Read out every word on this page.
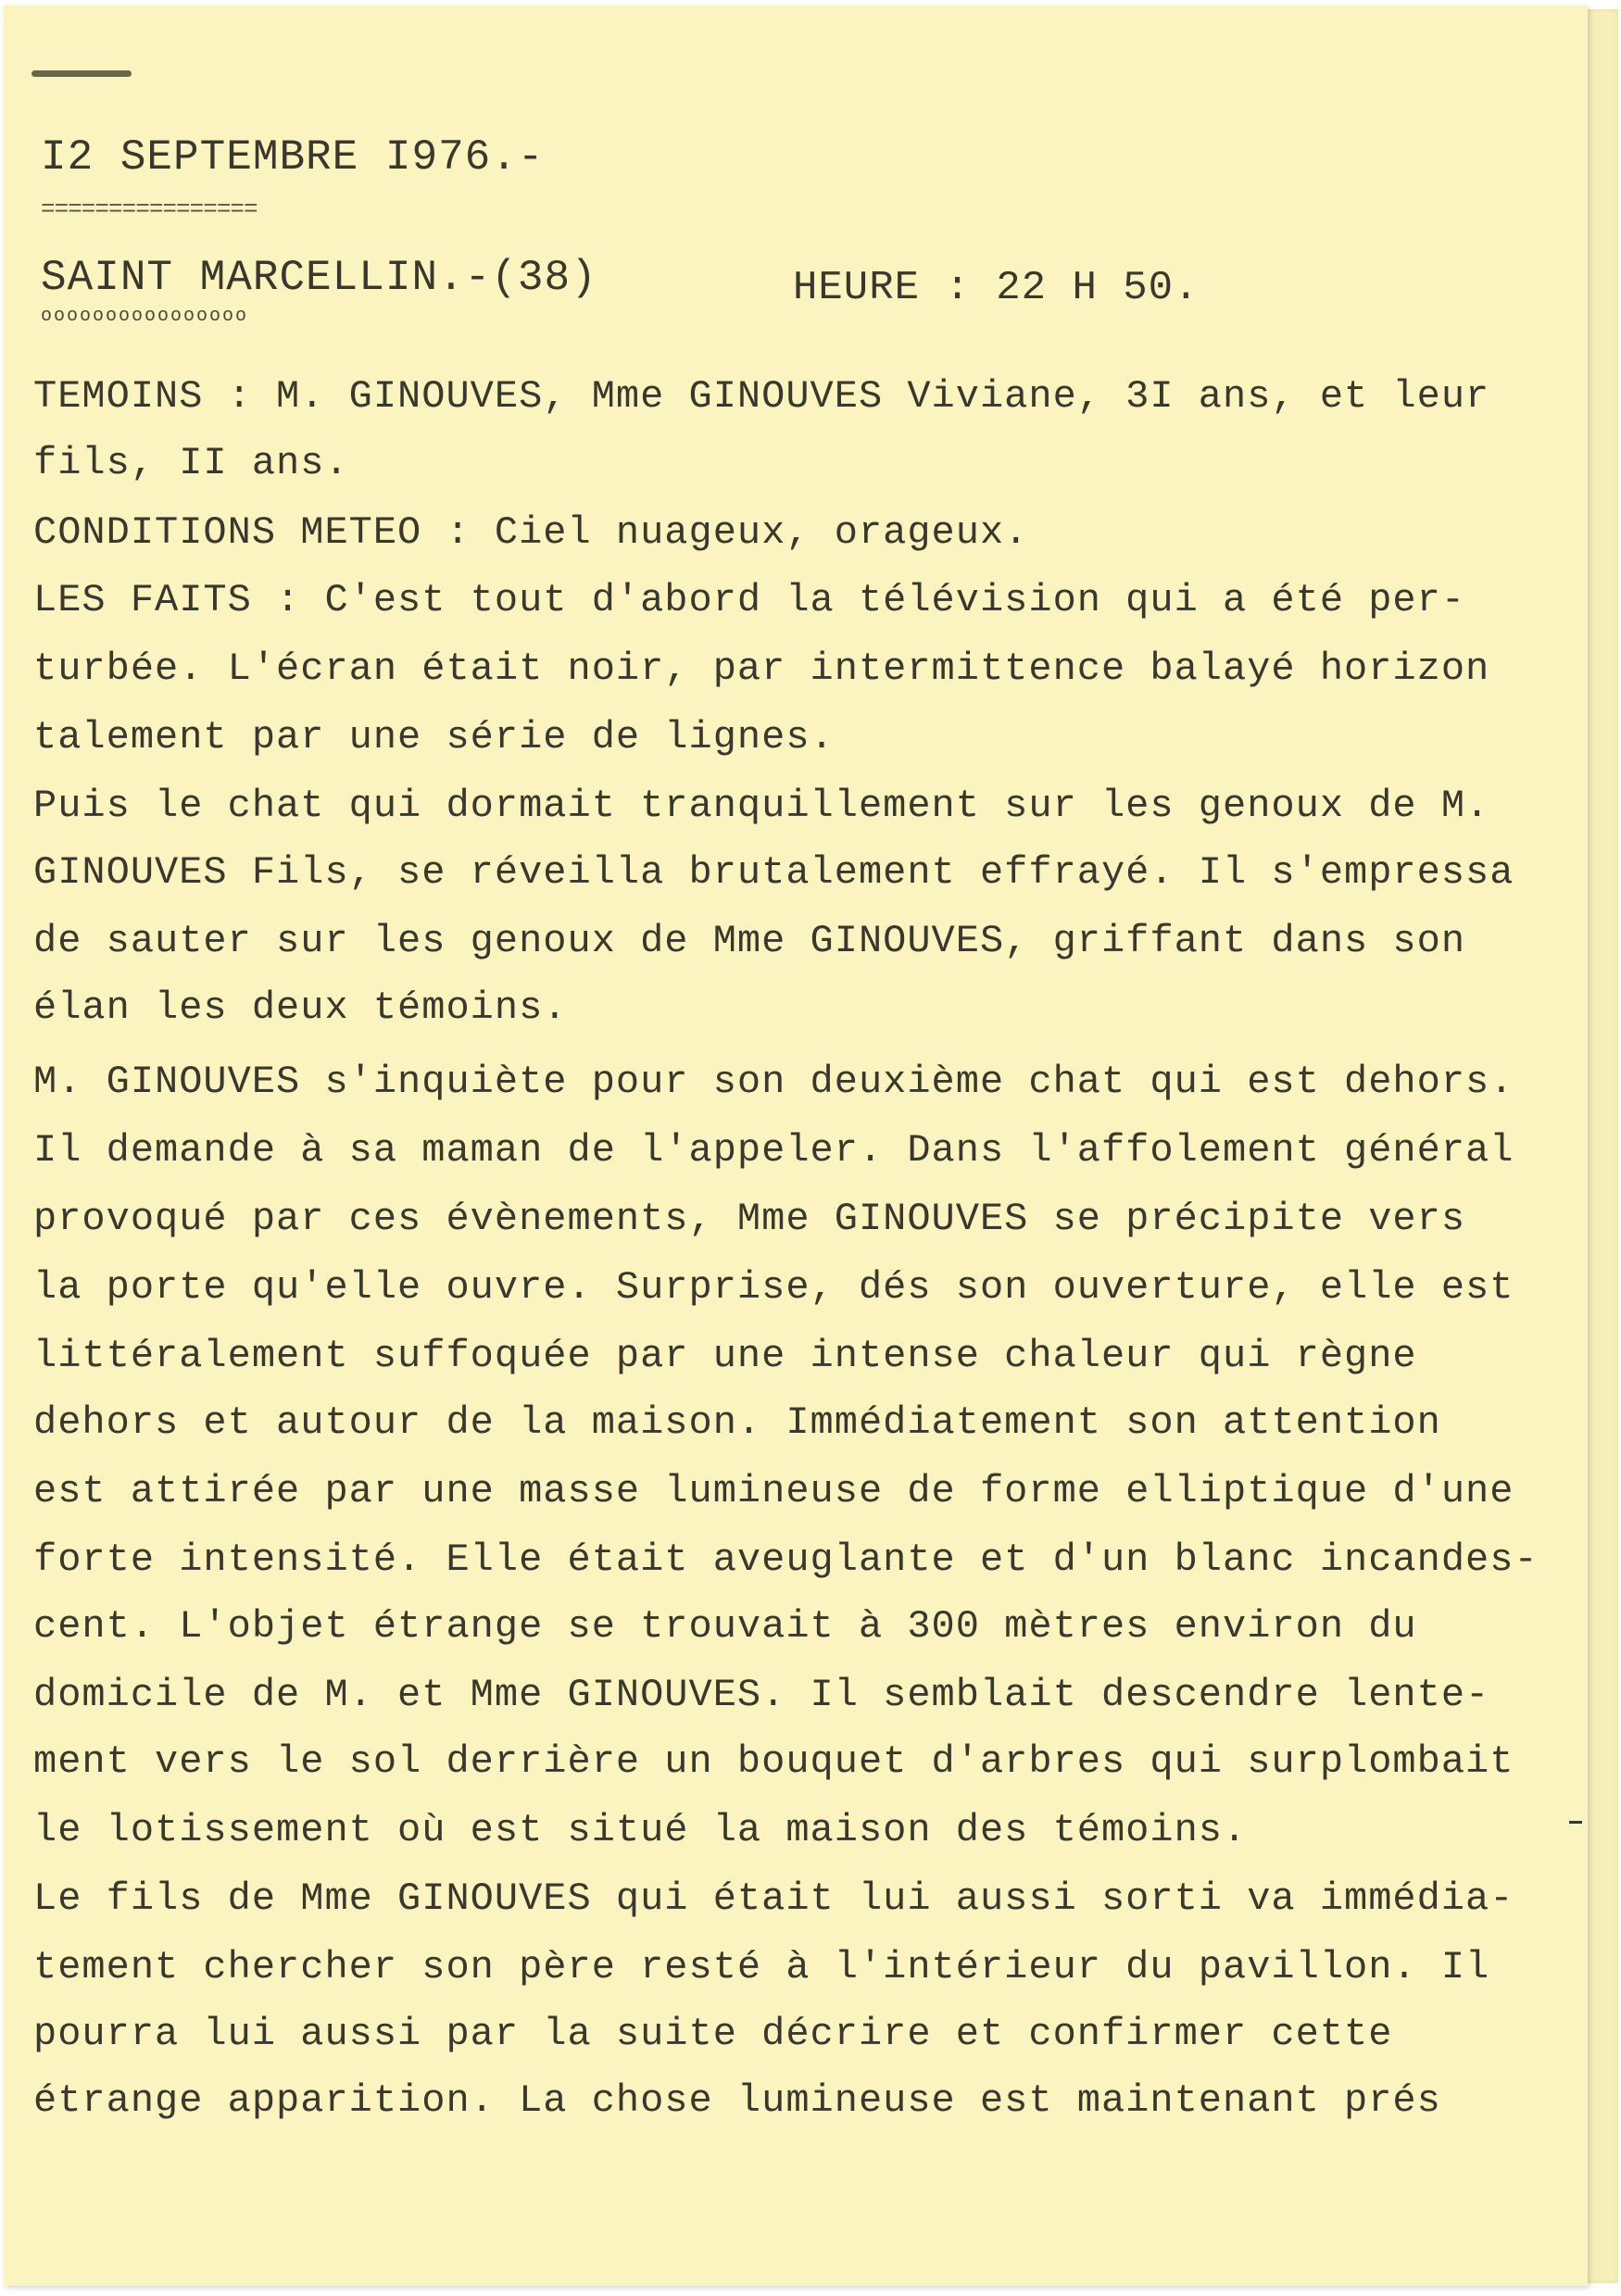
I2 SEPTEMBRE I976.-
================
SAINT MARCELLIN.-(38)	HEURE : 22 H 50.
oooooooooooooooo
TEMOINS : M. GINOUVES, Mme GINOUVES Viviane, 3I ans, et leur
fils, II ans.
CONDITIONS METEO : Ciel nuageux, orageux.
LES FAITS : C'est tout d'abord la télévision qui a été per-
turbée. L'écran était noir, par intermittence balayé horizon
talement par une série de lignes.
Puis le chat qui dormait tranquillement sur les genoux de M.
GINOUVES Fils, se réveilla brutalement effrayé. Il s'empressa
de sauter sur les genoux de Mme GINOUVES, griffant dans son
élan les deux témoins.
M. GINOUVES s'inquiète pour son deuxième chat qui est dehors.
Il demande à sa maman de l'appeler. Dans l'affolement général
provoqué par ces évènements, Mme GINOUVES se précipite vers
la porte qu'elle ouvre. Surprise, dés son ouverture, elle est
littéralement suffoquée par une intense chaleur qui règne
dehors et autour de la maison. Immédiatement son attention
est attirée par une masse lumineuse de forme elliptique d'une
forte intensité. Elle était aveuglante et d'un blanc incandes-
cent. L'objet étrange se trouvait à 300 mètres environ du
domicile de M. et Mme GINOUVES. Il semblait descendre lente-
ment vers le sol derrière un bouquet d'arbres qui surplombait
le lotissement où est situé la maison des témoins.
Le fils de Mme GINOUVES qui était lui aussi sorti va immédia-
tement chercher son père resté à l'intérieur du pavillon. Il
pourra lui aussi par la suite décrire et confirmer cette
étrange apparition. La chose lumineuse est maintenant prés
